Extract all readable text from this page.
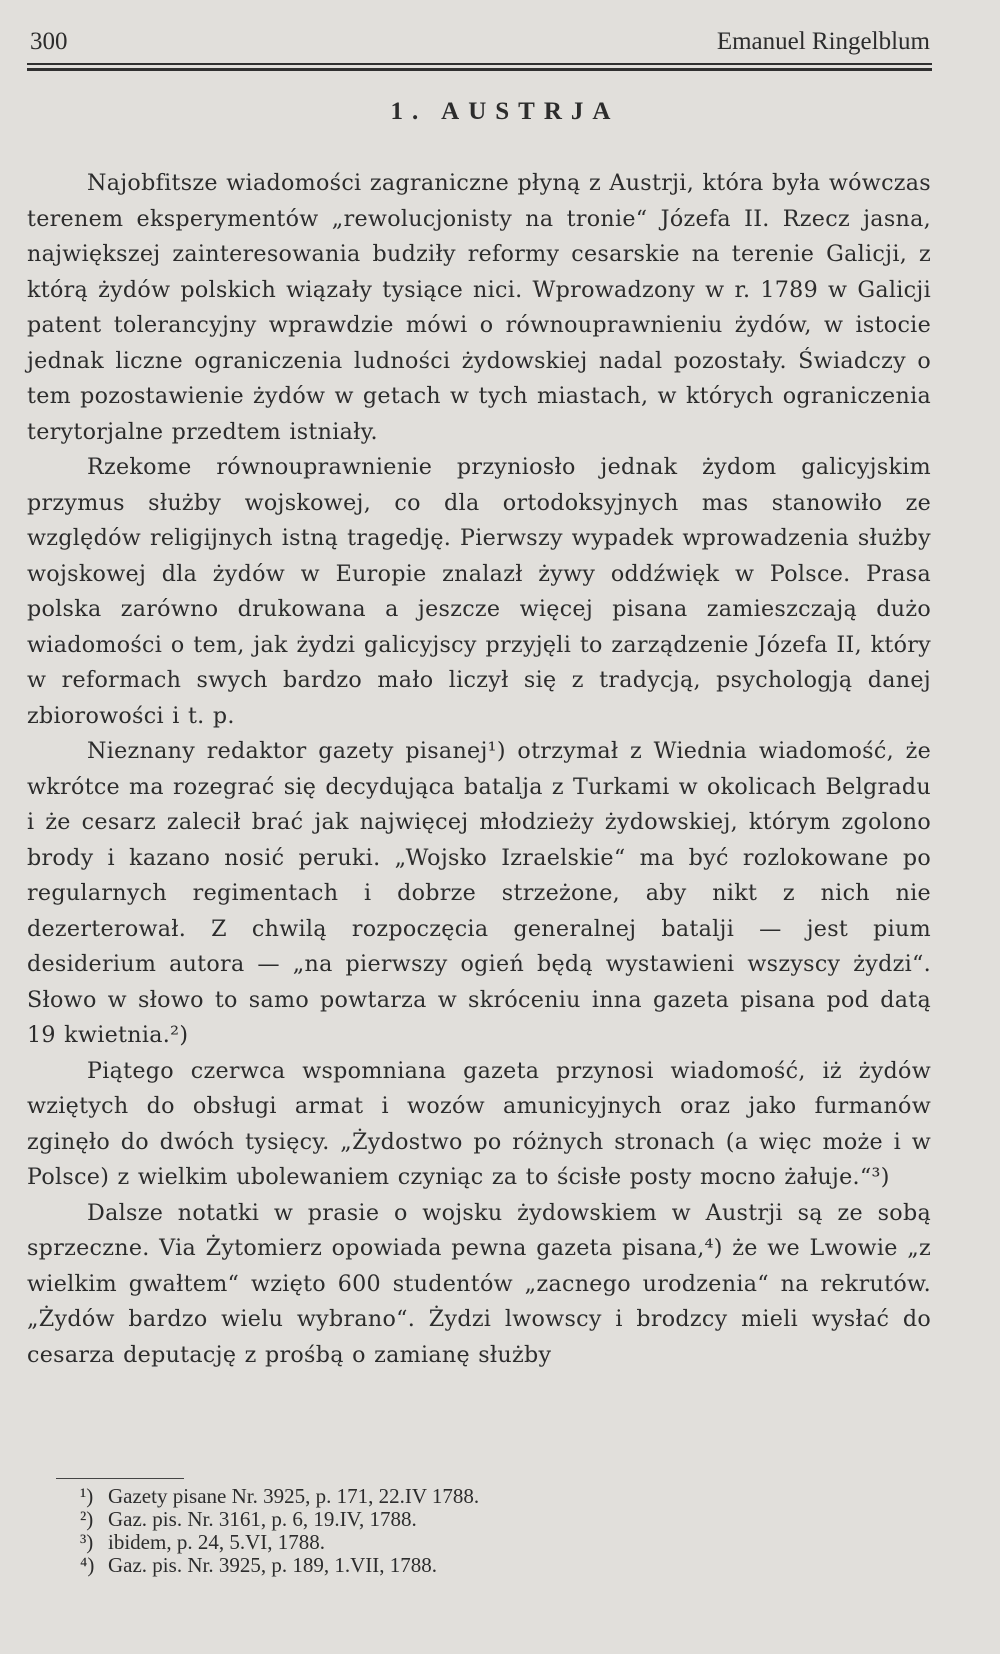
300	Emanuel Ringelblum
1. AUSTRJA

Najobfitsze wiadomości zagraniczne płyną z Austrji, która była wówczas terenem eksperymentów „rewolucjonisty na tronie“ Józefa II. Rzecz jasna, największej zainteresowania budziły reformy cesarskie na terenie Galicji, z którą żydów polskich wiązały tysiące nici. Wprowadzony w r. 1789 w Galicji patent tolerancyjny wprawdzie mówi o równouprawnieniu żydów, w istocie jednak liczne ograniczenia ludności żydowskiej nadal pozostały. Świadczy o tem pozostawienie żydów w getach w tych miastach, w których ograniczenia terytorjalne przedtem istniały.

Rzekome równouprawnienie przyniosło jednak żydom galicyjskim przymus służby wojskowej, co dla ortodoksyjnych mas stanowiło ze względów religijnych istną tragedję. Pierwszy wypadek wprowadzenia służby wojskowej dla żydów w Europie znalazł żywy oddźwięk w Polsce. Prasa polska zarówno drukowana a jeszcze więcej pisana zamieszczają dużo wiadomości o tem, jak żydzi galicyjscy przyjęli to zarządzenie Józefa II, który w reformach swych bardzo mało liczył się z tradycją, psychologją danej zbiorowości i t. p.

Nieznany redaktor gazety pisanej¹) otrzymał z Wiednia wiadomość, że wkrótce ma rozegrać się decydująca batalja z Turkami w okolicach Belgradu i że cesarz zalecił brać jak najwięcej młodzieży żydowskiej, którym zgolono brody i kazano nosić peruki. „Wojsko Izraelskie“ ma być rozlokowane po regularnych regimentach i dobrze strzeżone, aby nikt z nich nie dezerterował. Z chwilą rozpoczęcia generalnej batalji — jest pium desiderium autora — „na pierwszy ogień będą wystawieni wszyscy żydzi“. Słowo w słowo to samo powtarza w skróceniu inna gazeta pisana pod datą 19 kwietnia.²)

Piątego czerwca wspomniana gazeta przynosi wiadomość, iż żydów wziętych do obsługi armat i wozów amunicyjnych oraz jako furmanów zginęło do dwóch tysięcy. „Żydostwo po różnych stronach (a więc może i w Polsce) z wielkim ubolewaniem czyniąc za to ścisłe posty mocno żałuje.“³)

Dalsze notatki w prasie o wojsku żydowskiem w Austrji są ze sobą sprzeczne. Via Żytomierz opowiada pewna gazeta pisana,⁴) że we Lwowie „z wielkim gwałtem“ wzięto 600 studentów „zacnego urodzenia“ na rekrutów. „Żydów bardzo wielu wybrano“. Żydzi lwowscy i brodzcy mieli wysłać do cesarza deputację z prośbą o zamianę służby

¹) Gazety pisane Nr. 3925, p. 171, 22.IV 1788.
²) Gaz. pis. Nr. 3161, p. 6, 19.IV, 1788.
³) ibidem, p. 24, 5.VI, 1788.
⁴) Gaz. pis. Nr. 3925, p. 189, 1.VII, 1788.
